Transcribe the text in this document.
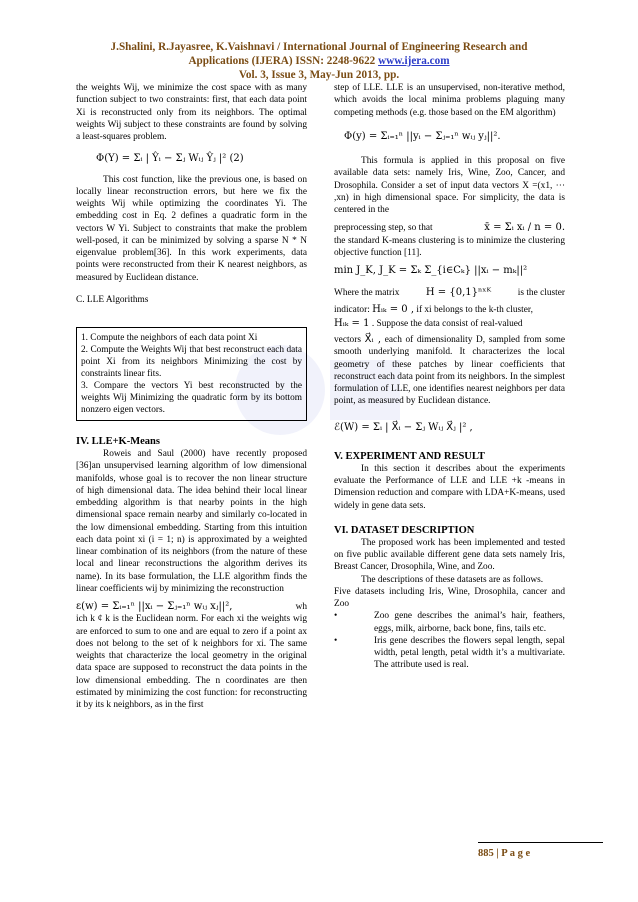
J.Shalini, R.Jayasree, K.Vaishnavi / International Journal of Engineering Research and
Applications (IJERA) ISSN: 2248-9622 www.ijera.com
Vol. 3, Issue 3, May-Jun 2013, pp.

the weights Wij, we minimize the cost space with as many function subject to two constraints: first, that each data point Xi is reconstructed only from its neighbors. The optimal weights Wij subject to these constraints are found by solving a least-squares problem.

Φ(Y) = Σᵢ | Ŷᵢ − Σⱼ Wᵢⱼ Ŷⱼ |² (2)

This cost function, like the previous one, is based on locally linear reconstruction errors, but here we fix the weights Wij while optimizing the coordinates Yi. The embedding cost in Eq. 2 defines a quadratic form in the vectors W Yi. Subject to constraints that make the problem well-posed, it can be minimized by solving a sparse N * N eigenvalue problem[36]. In this work experiments, data points were reconstructed from their K nearest neighbors, as measured by Euclidean distance.

C. LLE Algorithms

1. Compute the neighbors of each data point Xi
2. Compute the Weights Wij that best reconstruct each data point Xi from its neighbors Minimizing the cost by constraints linear fits.
3. Compare the vectors Yi best reconstructed by the weights Wij Minimizing the quadratic form by its bottom nonzero eigen vectors.

IV. LLE+K-Means

Roweis and Saul (2000) have recently proposed [36]an unsupervised learning algorithm of low dimensional manifolds, whose goal is to recover the non linear structure of high dimensional data. The idea behind their local linear embedding algorithm is that nearby points in the high dimensional space remain nearby and similarly co-located in the low dimensional embedding. Starting from this intuition each data point xi (i = 1; n) is approximated by a weighted linear combination of its neighbors (from the nature of these local and linear reconstructions the algorithm derives its name). In its base formulation, the LLE algorithm finds the linear coefficients wij by minimizing the reconstruction

ε(w) = Σᵢ₌₁ⁿ ||xᵢ − Σⱼ₌₁ⁿ wᵢⱼ xⱼ||²,	wh

ich k ¢ k is the Euclidean norm. For each xi the weights wig are enforced to sum to one and are equal to zero if a point ax does not belong to the set of k neighbors for xi. The same weights that characterize the local geometry in the original data space are supposed to reconstruct the data points in the low dimensional embedding. The n coordinates are then estimated by minimizing the cost function: for reconstructing it by its k neighbors, as in the first

step of LLE. LLE is an unsupervised, non-iterative method, which avoids the local minima problems plaguing many competing methods (e.g. those based on the EM algorithm)

Φ(y) = Σᵢ₌₁ⁿ ||yᵢ − Σⱼ₌₁ⁿ wᵢⱼ yⱼ||².

This formula is applied in this proposal on five available data sets: namely Iris, Wine, Zoo, Cancer, and Drosophila. Consider a set of input data vectors X =(x1, ⋯ ,xn) in high dimensional space. For simplicity, the data is centered in the

preprocessing step, so that	x̄ = Σᵢ xᵢ / n = 0.

the standard K-means clustering is to minimize the clustering objective function [11].

min J_K, J_K = Σₖ Σ_{i∈Cₖ} ||xᵢ − mₖ||²

Where the matrix	H = {0,1}ⁿˣᴷ	is the cluster

indicator: Hᵢₖ = 0 , if xi belongs to the k-th cluster,

Hᵢₖ = 1 . Suppose the data consist of real-valued

vectors X⃗ᵢ , each of dimensionality D, sampled from some smooth underlying manifold. It characterizes the local geometry of these patches by linear coefficients that reconstruct each data point from its neighbors. In the simplest formulation of LLE, one identifies nearest neighbors per data point, as measured by Euclidean distance.

ℰ(W) = Σᵢ | X⃗ᵢ − Σⱼ Wᵢⱼ X⃗ⱼ |² ,

V. EXPERIMENT AND RESULT

In this section it describes about the experiments evaluate the Performance of LLE and LLE +k -means in Dimension reduction and compare with LDA+K-means, used widely in gene data sets.

VI. DATASET DESCRIPTION

The proposed work has been implemented and tested on five public available different gene data sets namely Iris, Breast Cancer, Drosophila, Wine, and Zoo.

The descriptions of these datasets are as follows.

Five datasets including Iris, Wine, Drosophila, cancer and Zoo

•	Zoo gene describes the animal’s hair, feathers, eggs, milk, airborne, back bone, fins, tails etc.
•	Iris gene describes the flowers sepal length, sepal width, petal length, petal width it’s a multivariate. The attribute used is real.
885 | P a g e
